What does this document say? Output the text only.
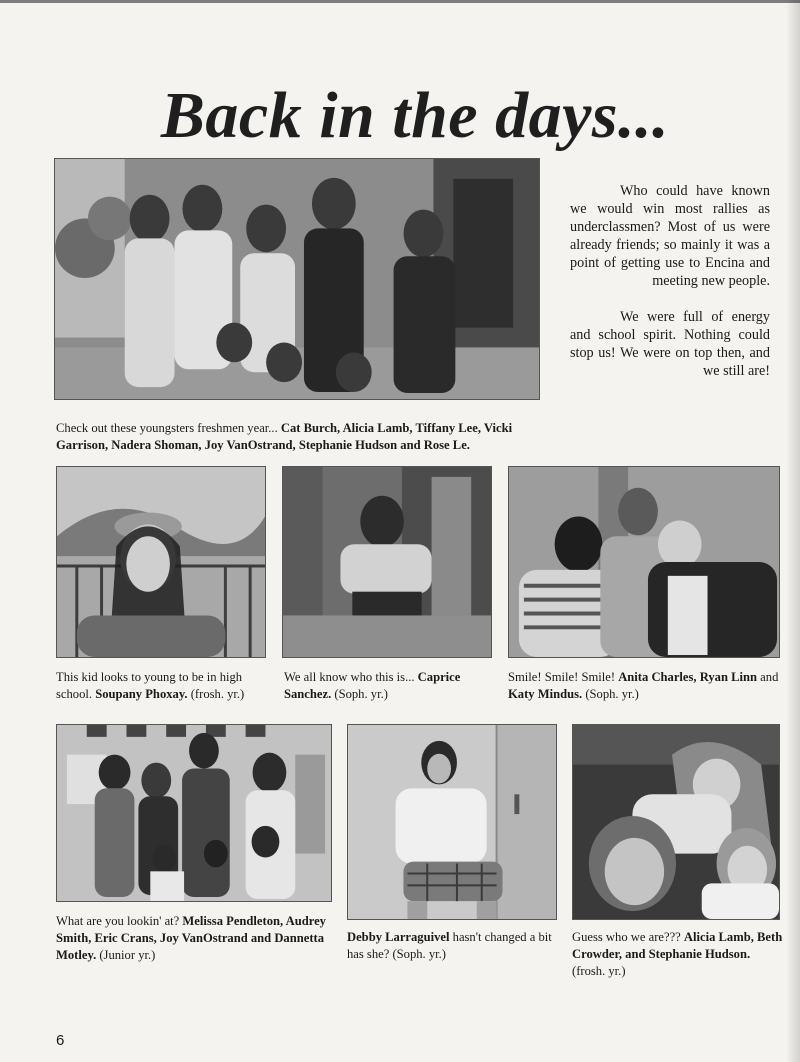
Back in the days...

Who could have known we would win most rallies as underclassmen? Most of us were already friends; so mainly it was a point of getting use to Encina and meeting new people.

We were full of energy and school spirit. Nothing could stop us! We were on top then, and we still are!

Check out these youngsters freshmen year... Cat Burch, Alicia Lamb, Tiffany Lee, Vicki Garrison, Nadera Shoman, Joy VanOstrand, Stephanie Hudson and Rose Le.
This kid looks to young to be in high school. Soupany Phoxay. (frosh. yr.)
We all know who this is... Caprice Sanchez. (Soph. yr.)
Smile! Smile! Smile! Anita Charles, Ryan Linn and Katy Mindus. (Soph. yr.)
What are you lookin' at? Melissa Pendleton, Audrey Smith, Eric Crans, Joy VanOstrand and Dannetta Motley. (Junior yr.)
Debby Larraguivel hasn't changed a bit has she? (Soph. yr.)
Guess who we are??? Alicia Lamb, Beth Crowder, and Stephanie Hudson. (frosh. yr.)
6
